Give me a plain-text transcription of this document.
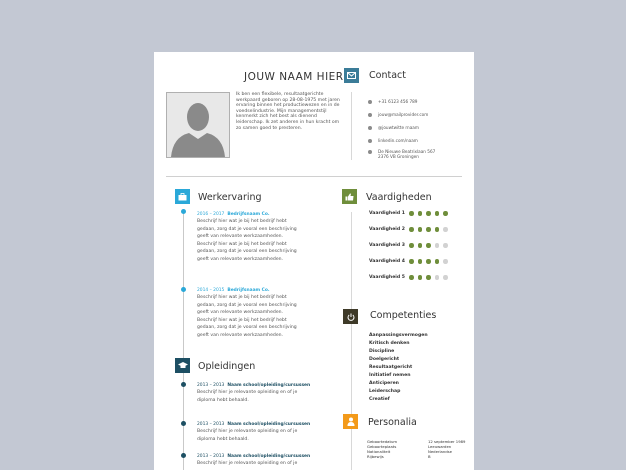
JOUW NAAM HIER
Ik ben een flexibele, resultaatgerichte werkpaard geboren op 28-08-1975 met jaren ervaring binnen het productiewezen en in de voedselindustrie. Mijn managementstijl kenmerkt zich het best als dienend leiderschap. Ik zet anderen in hun kracht om zo samen goed te presteren.
Contact
+31 6123 456 789
jouw@mailprovider.com
@jouwtwitte rnaam
linkedin.com/naam
De Nieuwe Beatrixlaan 567
2376 VB Groningen
Werkervaring
2016 – 2017 Bedrijfsnaam Co.
Beschrijf hier wat je bij het bedrijf hebt
gedaan, zorg dat je vooral een beschrijving
geeft van relevante werkzaamheden.
Beschrijf hier wat je bij het bedrijf hebt
gedaan, zorg dat je vooral een beschrijving
geeft van relevante werkzaamheden.
2014 – 2015 Bedrijfsnaam Co.
Beschrijf hier wat je bij het bedrijf hebt
gedaan, zorg dat je vooral een beschrijving
geeft van relevante werkzaamheden.
Beschrijf hier wat je bij het bedrijf hebt
gedaan, zorg dat je vooral een beschrijving
geeft van relevante werkzaamheden.
Opleidingen
2013 – 2013 Naam school/opleiding/cursussen
Beschrijf hier je relevante opleiding en of je
diploma hebt behaald.
2013 – 2013 Naam school/opleiding/cursussen
Beschrijf hier je relevante opleiding en of je
diploma hebt behaald.
2013 – 2013 Naam school/opleiding/cursussen
Beschrijf hier je relevante opleiding en of je
Vaardigheden
Vaardigheid 1
Vaardigheid 2
Vaardigheid 3
Vaardigheid 4
Vaardigheid 5
Competenties
Aanpassingsvermogen
Kritisch denken
Discipline
Doelgericht
Resultaatgericht
Initiatief nemen
Anticiperen
Leiderschap
Creatief
Personalia
Geboortedatum	12 september 1989
Geboorteplaats	Leeuwarden
Nationaliteit	Nederlandse
Rijbewijs	B
